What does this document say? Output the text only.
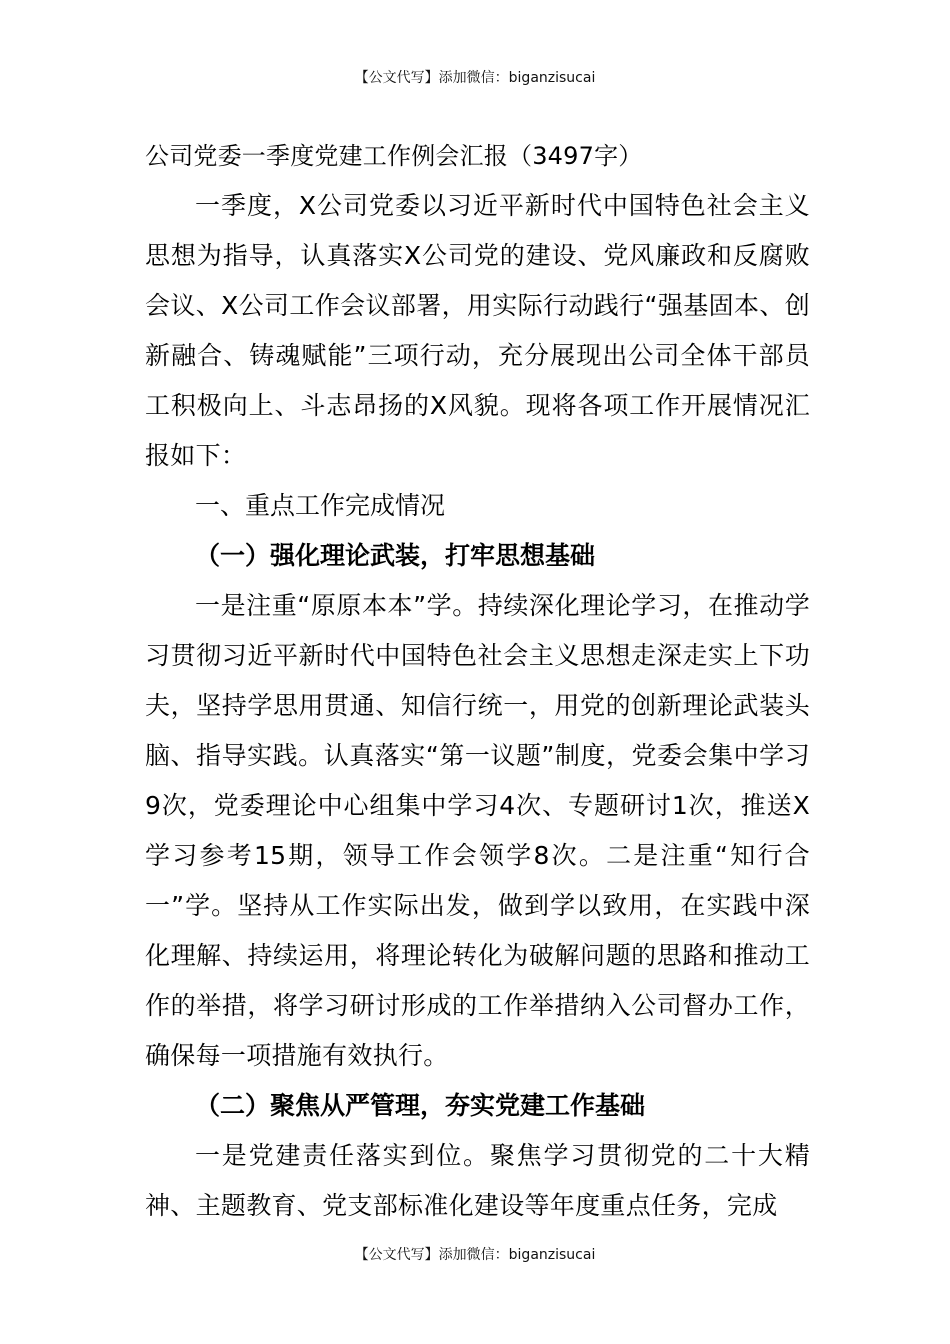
【公文代写】添加微信：biganzisucai
公司党委一季度党建工作例会汇报（3497字）

一季度，X公司党委以习近平新时代中国特色社会主义思想为指导，认真落实X公司党的建设、党风廉政和反腐败会议、X公司工作会议部署，用实际行动践行“强基固本、创新融合、铸魂赋能”三项行动，充分展现出公司全体干部员工积极向上、斗志昂扬的X风貌。现将各项工作开展情况汇报如下：

一、重点工作完成情况

（一）强化理论武装，打牢思想基础

一是注重“原原本本”学。持续深化理论学习，在推动学习贯彻习近平新时代中国特色社会主义思想走深走实上下功夫，坚持学思用贯通、知信行统一，用党的创新理论武装头脑、指导实践。认真落实“第一议题”制度，党委会集中学习9次，党委理论中心组集中学习4次、专题研讨1次，推送X学习参考15期，领导工作会领学8次。二是注重“知行合一”学。坚持从工作实际出发，做到学以致用，在实践中深化理解、持续运用，将理论转化为破解问题的思路和推动工作的举措，将学习研讨形成的工作举措纳入公司督办工作，确保每一项措施有效执行。

（二）聚焦从严管理，夯实党建工作基础

一是党建责任落实到位。聚焦学习贯彻党的二十大精神、主题教育、党支部标准化建设等年度重点任务，完成

【公文代写】添加微信：biganzisucai
